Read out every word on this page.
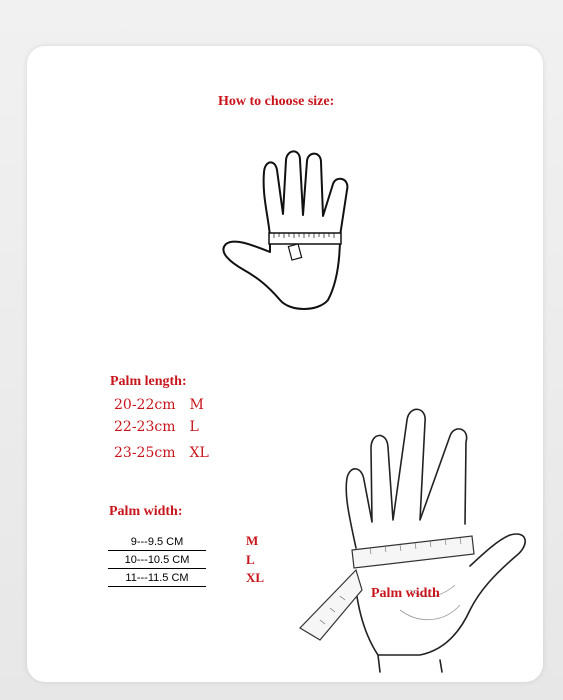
How to choose size:
Palm length:
20-22cm M
22-23cm L
23-25cm XL
Palm width:
9---9.5 CM
10---10.5 CM
11---11.5 CM
M
L
XL
Palm width
